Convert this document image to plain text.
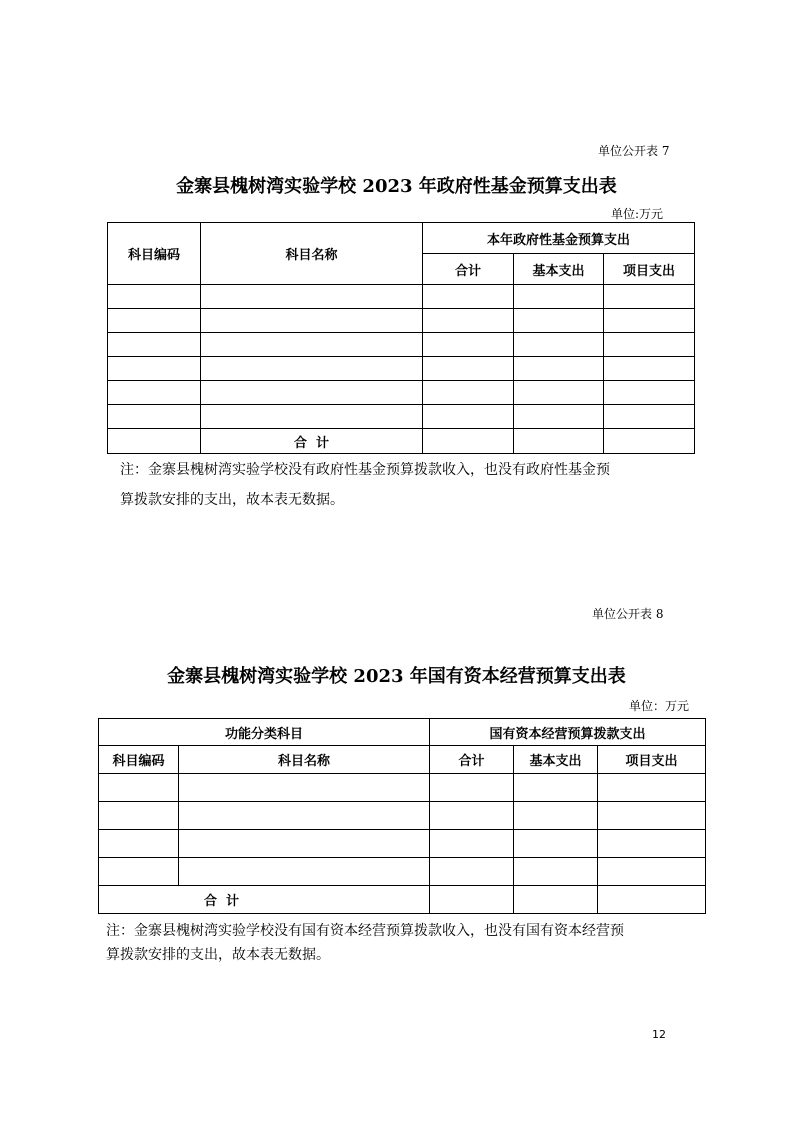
单位公开表 7
金寨县槐树湾实验学校 2023 年政府性基金预算支出表
单位:万元
科目编码	科目名称	本年政府性基金预算支出		
		合计	基本支出	项目支出

	合  计			
注：金寨县槐树湾实验学校没有政府性基金预算拨款收入，也没有政府性基金预
算拨款安排的支出，故本表无数据。
单位公开表 8
金寨县槐树湾实验学校 2023 年国有资本经营预算支出表
单位：万元
功能分类科目		国有资本经营预算拨款支出		
科目编码	科目名称	合计	基本支出	项目支出

合  计				
注：金寨县槐树湾实验学校没有国有资本经营预算拨款收入，也没有国有资本经营预
算拨款安排的支出，故本表无数据。
12
